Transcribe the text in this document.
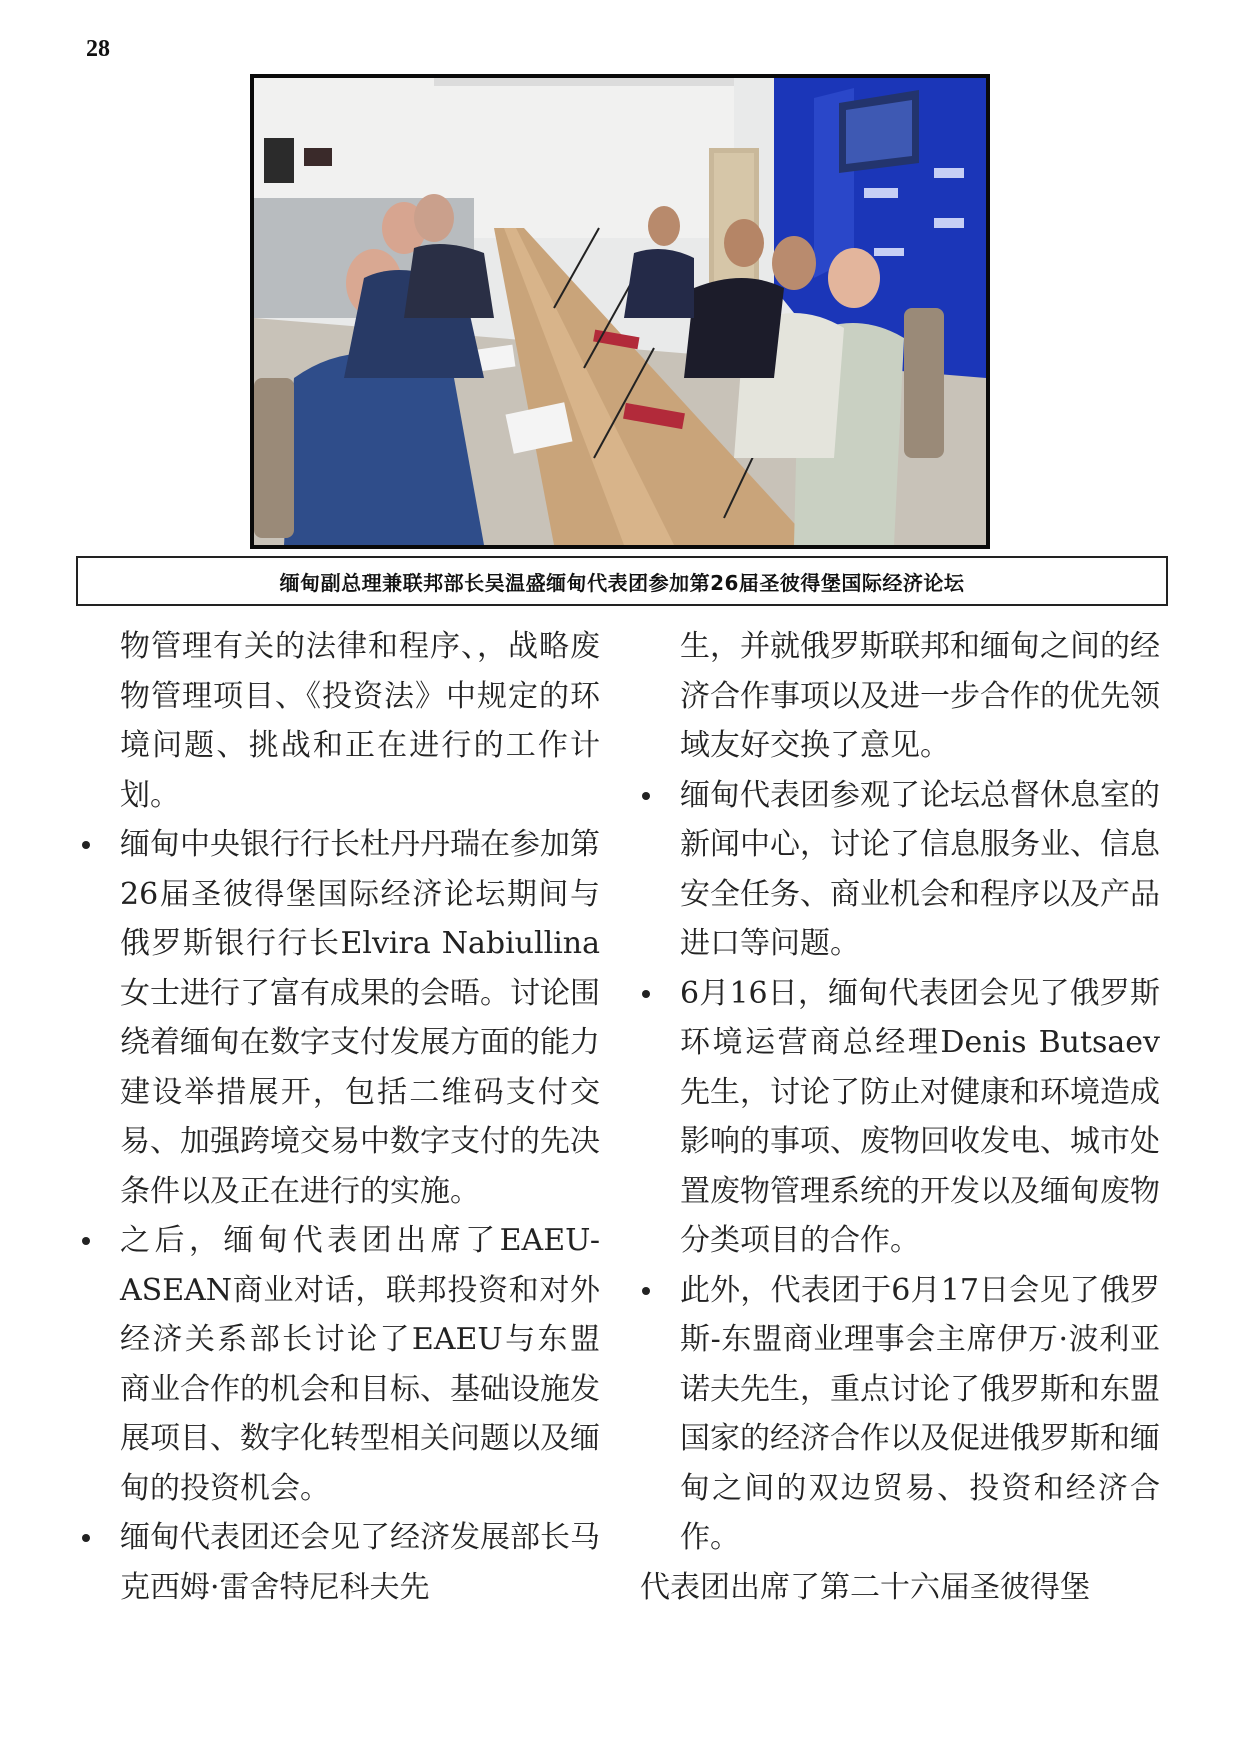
28
缅甸副总理兼联邦部长吴温盛缅甸代表团参加第26届圣彼得堡国际经济论坛

物管理有关的法律和程序、，战略废物管理项目、《投资法》中规定的环境问题、挑战和正在进行的工作计划。

缅甸中央银行行长杜丹丹瑞在参加第26届圣彼得堡国际经济论坛期间与俄罗斯银行行长Elvira Nabiullina女士进行了富有成果的会晤。讨论围绕着缅甸在数字支付发展方面的能力建设举措展开，包括二维码支付交易、加强跨境交易中数字支付的先决条件以及正在进行的实施。

之后，缅甸代表团出席了EAEU-ASEAN商业对话，联邦投资和对外经济关系部长讨论了EAEU与东盟商业合作的机会和目标、基础设施发展项目、数字化转型相关问题以及缅甸的投资机会。

缅甸代表团还会见了经济发展部长马克西姆·雷舍特尼科夫先

生，并就俄罗斯联邦和缅甸之间的经济合作事项以及进一步合作的优先领域友好交换了意见。

缅甸代表团参观了论坛总督休息室的新闻中心，讨论了信息服务业、信息安全任务、商业机会和程序以及产品进口等问题。

6月16日，缅甸代表团会见了俄罗斯环境运营商总经理Denis Butsaev先生，讨论了防止对健康和环境造成影响的事项、废物回收发电、城市处置废物管理系统的开发以及缅甸废物分类项目的合作。

此外，代表团于6月17日会见了俄罗斯-东盟商业理事会主席伊万·波利亚诺夫先生，重点讨论了俄罗斯和东盟国家的经济合作以及促进俄罗斯和缅甸之间的双边贸易、投资和经济合作。

代表团出席了第二十六届圣彼得堡
